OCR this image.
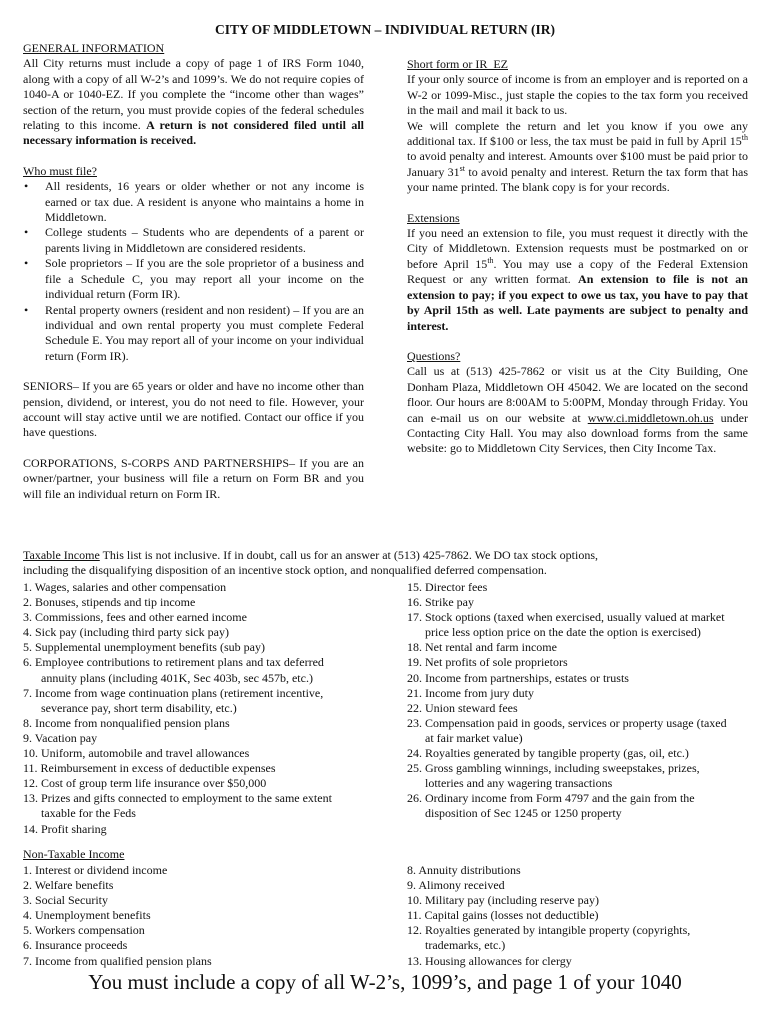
CITY OF MIDDLETOWN – INDIVIDUAL RETURN (IR)
GENERAL INFORMATION

All City returns must include a copy of page 1 of IRS Form 1040, along with a copy of all W-2’s and 1099’s. We do not require copies of 1040-A or 1040-EZ. If you complete the “income other than wages” section of the return, you must provide copies of the federal schedules relating to this income. A return is not considered filed until all necessary information is received.

Who must file?
• All residents, 16 years or older whether or not any income is earned or tax due. A resident is anyone who maintains a home in Middletown.
• College students – Students who are dependents of a parent or parents living in Middletown are considered residents.
• Sole proprietors – If you are the sole proprietor of a business and file a Schedule C, you may report all your income on the individual return (Form IR).
• Rental property owners (resident and non resident) – If you are an individual and own rental property you must complete Federal Schedule E. You may report all of your income on your individual return (Form IR).

SENIORS– If you are 65 years or older and have no income other than pension, dividend, or interest, you do not need to file. However, your account will stay active until we are notified. Contact our office if you have questions.

CORPORATIONS, S-CORPS AND PARTNERSHIPS– If you are an owner/partner, your business will file a return on Form BR and you will file an individual return on Form IR.

Short form or IR_EZ

If your only source of income is from an employer and is reported on a W-2 or 1099-Misc., just staple the copies to the tax form you received in the mail and mail it back to us.

We will complete the return and let you know if you owe any additional tax. If $100 or less, the tax must be paid in full by April 15th to avoid penalty and interest. Amounts over $100 must be paid prior to January 31st to avoid penalty and interest. Return the tax form that has your name printed. The blank copy is for your records.

Extensions

If you need an extension to file, you must request it directly with the City of Middletown. Extension requests must be postmarked on or before April 15th. You may use a copy of the Federal Extension Request or any written format. An extension to file is not an extension to pay; if you expect to owe us tax, you have to pay that by April 15th as well. Late payments are subject to penalty and interest.

Questions?

Call us at (513) 425-7862 or visit us at the City Building, One Donham Plaza, Middletown OH 45042. We are located on the second floor. Our hours are 8:00AM to 5:00PM, Monday through Friday. You can e-mail us on our website at www.ci.middletown.oh.us under Contacting City Hall. You may also download forms from the same website: go to Middletown City Services, then City Income Tax.

Taxable Income This list is not inclusive. If in doubt, call us for an answer at (513) 425-7862. We DO tax stock options,
including the disqualifying disposition of an incentive stock option, and nonqualified deferred compensation.
1. Wages, salaries and other compensation
2. Bonuses, stipends and tip income
3. Commissions, fees and other earned income
4. Sick pay (including third party sick pay)
5. Supplemental unemployment benefits (sub pay)
6. Employee contributions to retirement plans and tax deferred
annuity plans (including 401K, Sec 403b, sec 457b, etc.)
7. Income from wage continuation plans (retirement incentive,
severance pay, short term disability, etc.)
8. Income from nonqualified pension plans
9. Vacation pay
10. Uniform, automobile and travel allowances
11. Reimbursement in excess of deductible expenses
12. Cost of group term life insurance over $50,000
13. Prizes and gifts connected to employment to the same extent
taxable for the Feds
14. Profit sharing
15. Director fees
16. Strike pay
17. Stock options (taxed when exercised, usually valued at market
price less option price on the date the option is exercised)
18. Net rental and farm income
19. Net profits of sole proprietors
20. Income from partnerships, estates or trusts
21. Income from jury duty
22. Union steward fees
23. Compensation paid in goods, services or property usage (taxed
at fair market value)
24. Royalties generated by tangible property (gas, oil, etc.)
25. Gross gambling winnings, including sweepstakes, prizes,
lotteries and any wagering transactions
26. Ordinary income from Form 4797 and the gain from the
disposition of Sec 1245 or 1250 property
Non-Taxable Income
1. Interest or dividend income
2. Welfare benefits
3. Social Security
4. Unemployment benefits
5. Workers compensation
6. Insurance proceeds
7. Income from qualified pension plans
8. Annuity distributions
9. Alimony received
10. Military pay (including reserve pay)
11. Capital gains (losses not deductible)
12. Royalties generated by intangible property (copyrights,
trademarks, etc.)
13. Housing allowances for clergy
You must include a copy of all W-2’s, 1099’s, and page 1 of your 1040
